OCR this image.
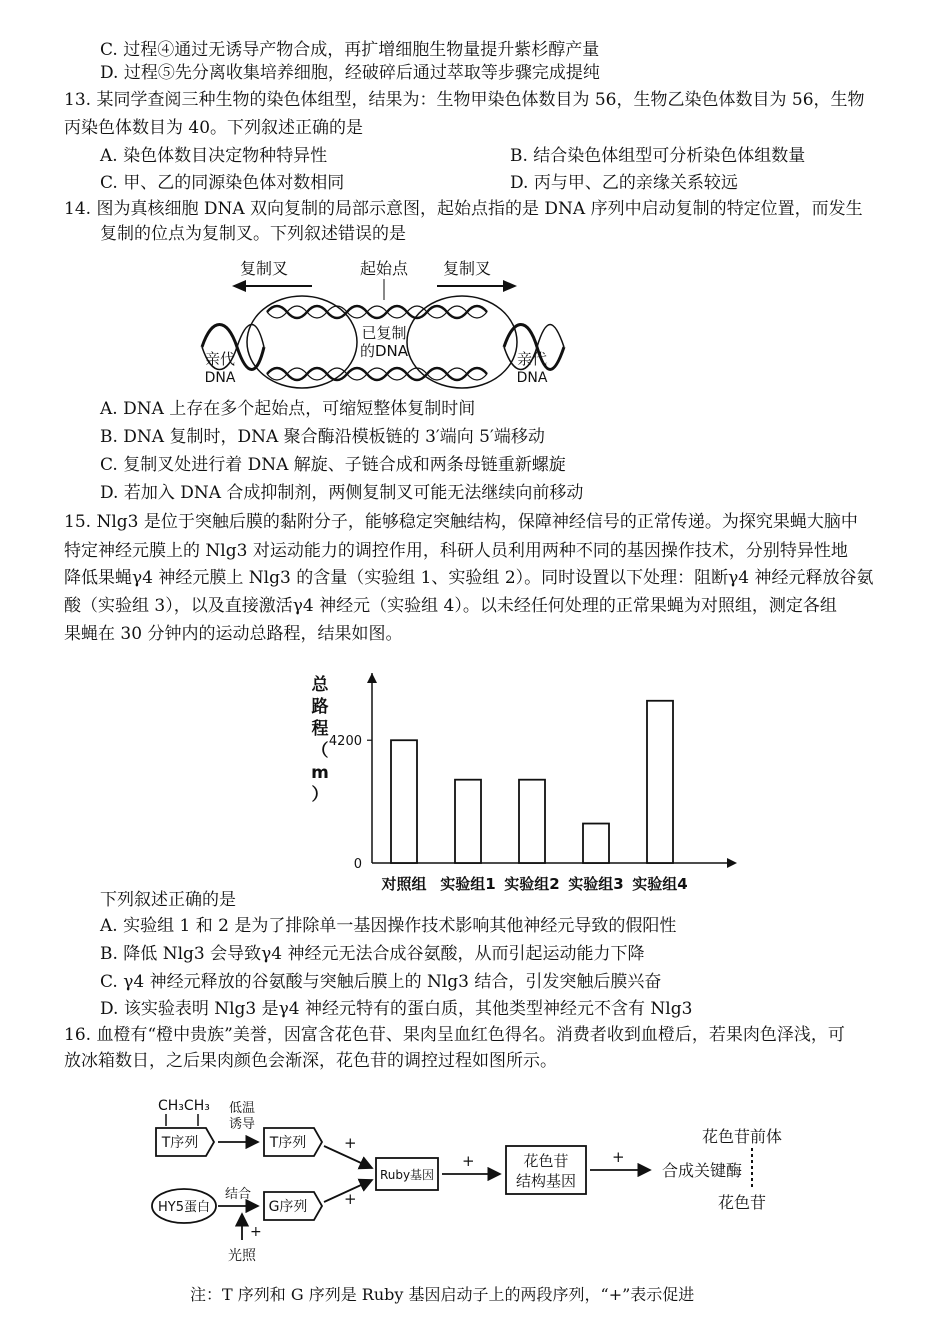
C. 过程④通过无诱导产物合成，再扩增细胞生物量提升紫杉醇产量
D. 过程⑤先分离收集培养细胞，经破碎后通过萃取等步骤完成提纯
13. 某同学查阅三种生物的染色体组型，结果为：生物甲染色体数目为 56，生物乙染色体数目为 56，生物
丙染色体数目为 40。下列叙述正确的是
A. 染色体数目决定物种特异性	B. 结合染色体组型可分析染色体组数量
C. 甲、乙的同源染色体对数相同	D. 丙与甲、乙的亲缘关系较远
14. 图为真核细胞 DNA 双向复制的局部示意图，起始点指的是 DNA 序列中启动复制的特定位置，而发生
复制的位点为复制叉。下列叙述错误的是
复制叉	起始点 复制叉
已复制
的DNA
亲代
DNA
亲代
DNA
A. DNA 上存在多个起始点，可缩短整体复制时间
B. DNA 复制时，DNA 聚合酶沿模板链的 3′端向 5′端移动
C. 复制叉处进行着 DNA 解旋、子链合成和两条母链重新螺旋
D. 若加入 DNA 合成抑制剂，两侧复制叉可能无法继续向前移动
15. Nlg3 是位于突触后膜的黏附分子，能够稳定突触结构，保障神经信号的正常传递。为探究果蝇大脑中
特定神经元膜上的 Nlg3 对运动能力的调控作用，科研人员利用两种不同的基因操作技术，分别特异性地
降低果蝇γ4 神经元膜上 Nlg3 的含量（实验组 1、实验组 2）。同时设置以下处理：阻断γ4 神经元释放谷氨
酸（实验组 3），以及直接激活γ4 神经元（实验组 4）。以未经任何处理的正常果蝇为对照组，测定各组
果蝇在 30 分钟内的运动总路程，结果如图。
0
4200
总
路
程
（
m
）
对照组 实验组1 实验组2 实验组3 实验组4
下列叙述正确的是
A. 实验组 1 和 2 是为了排除单一基因操作技术影响其他神经元导致的假阳性
B. 降低 Nlg3 会导致γ4 神经元无法合成谷氨酸，从而引起运动能力下降
C. γ4 神经元释放的谷氨酸与突触后膜上的 Nlg3 结合，引发突触后膜兴奋
D. 该实验表明 Nlg3 是γ4 神经元特有的蛋白质，其他类型神经元不含有 Nlg3
16. 血橙有“橙中贵族”美誉，因富含花色苷、果肉呈血红色得名。消费者收到血橙后，若果肉色泽浅，可
放冰箱数日，之后果肉颜色会渐深，花色苷的调控过程如图所示。
CH₃CH₃
T序列
低温
诱导
T序列
HY5蛋白
结合
+
光照
G序列
+
+
Ruby基因
+	花色苷
结构基因
+
花色苷前体
合成关键酶
花色苷
注：T 序列和 G 序列是 Ruby 基因启动子上的两段序列，“+”表示促进
